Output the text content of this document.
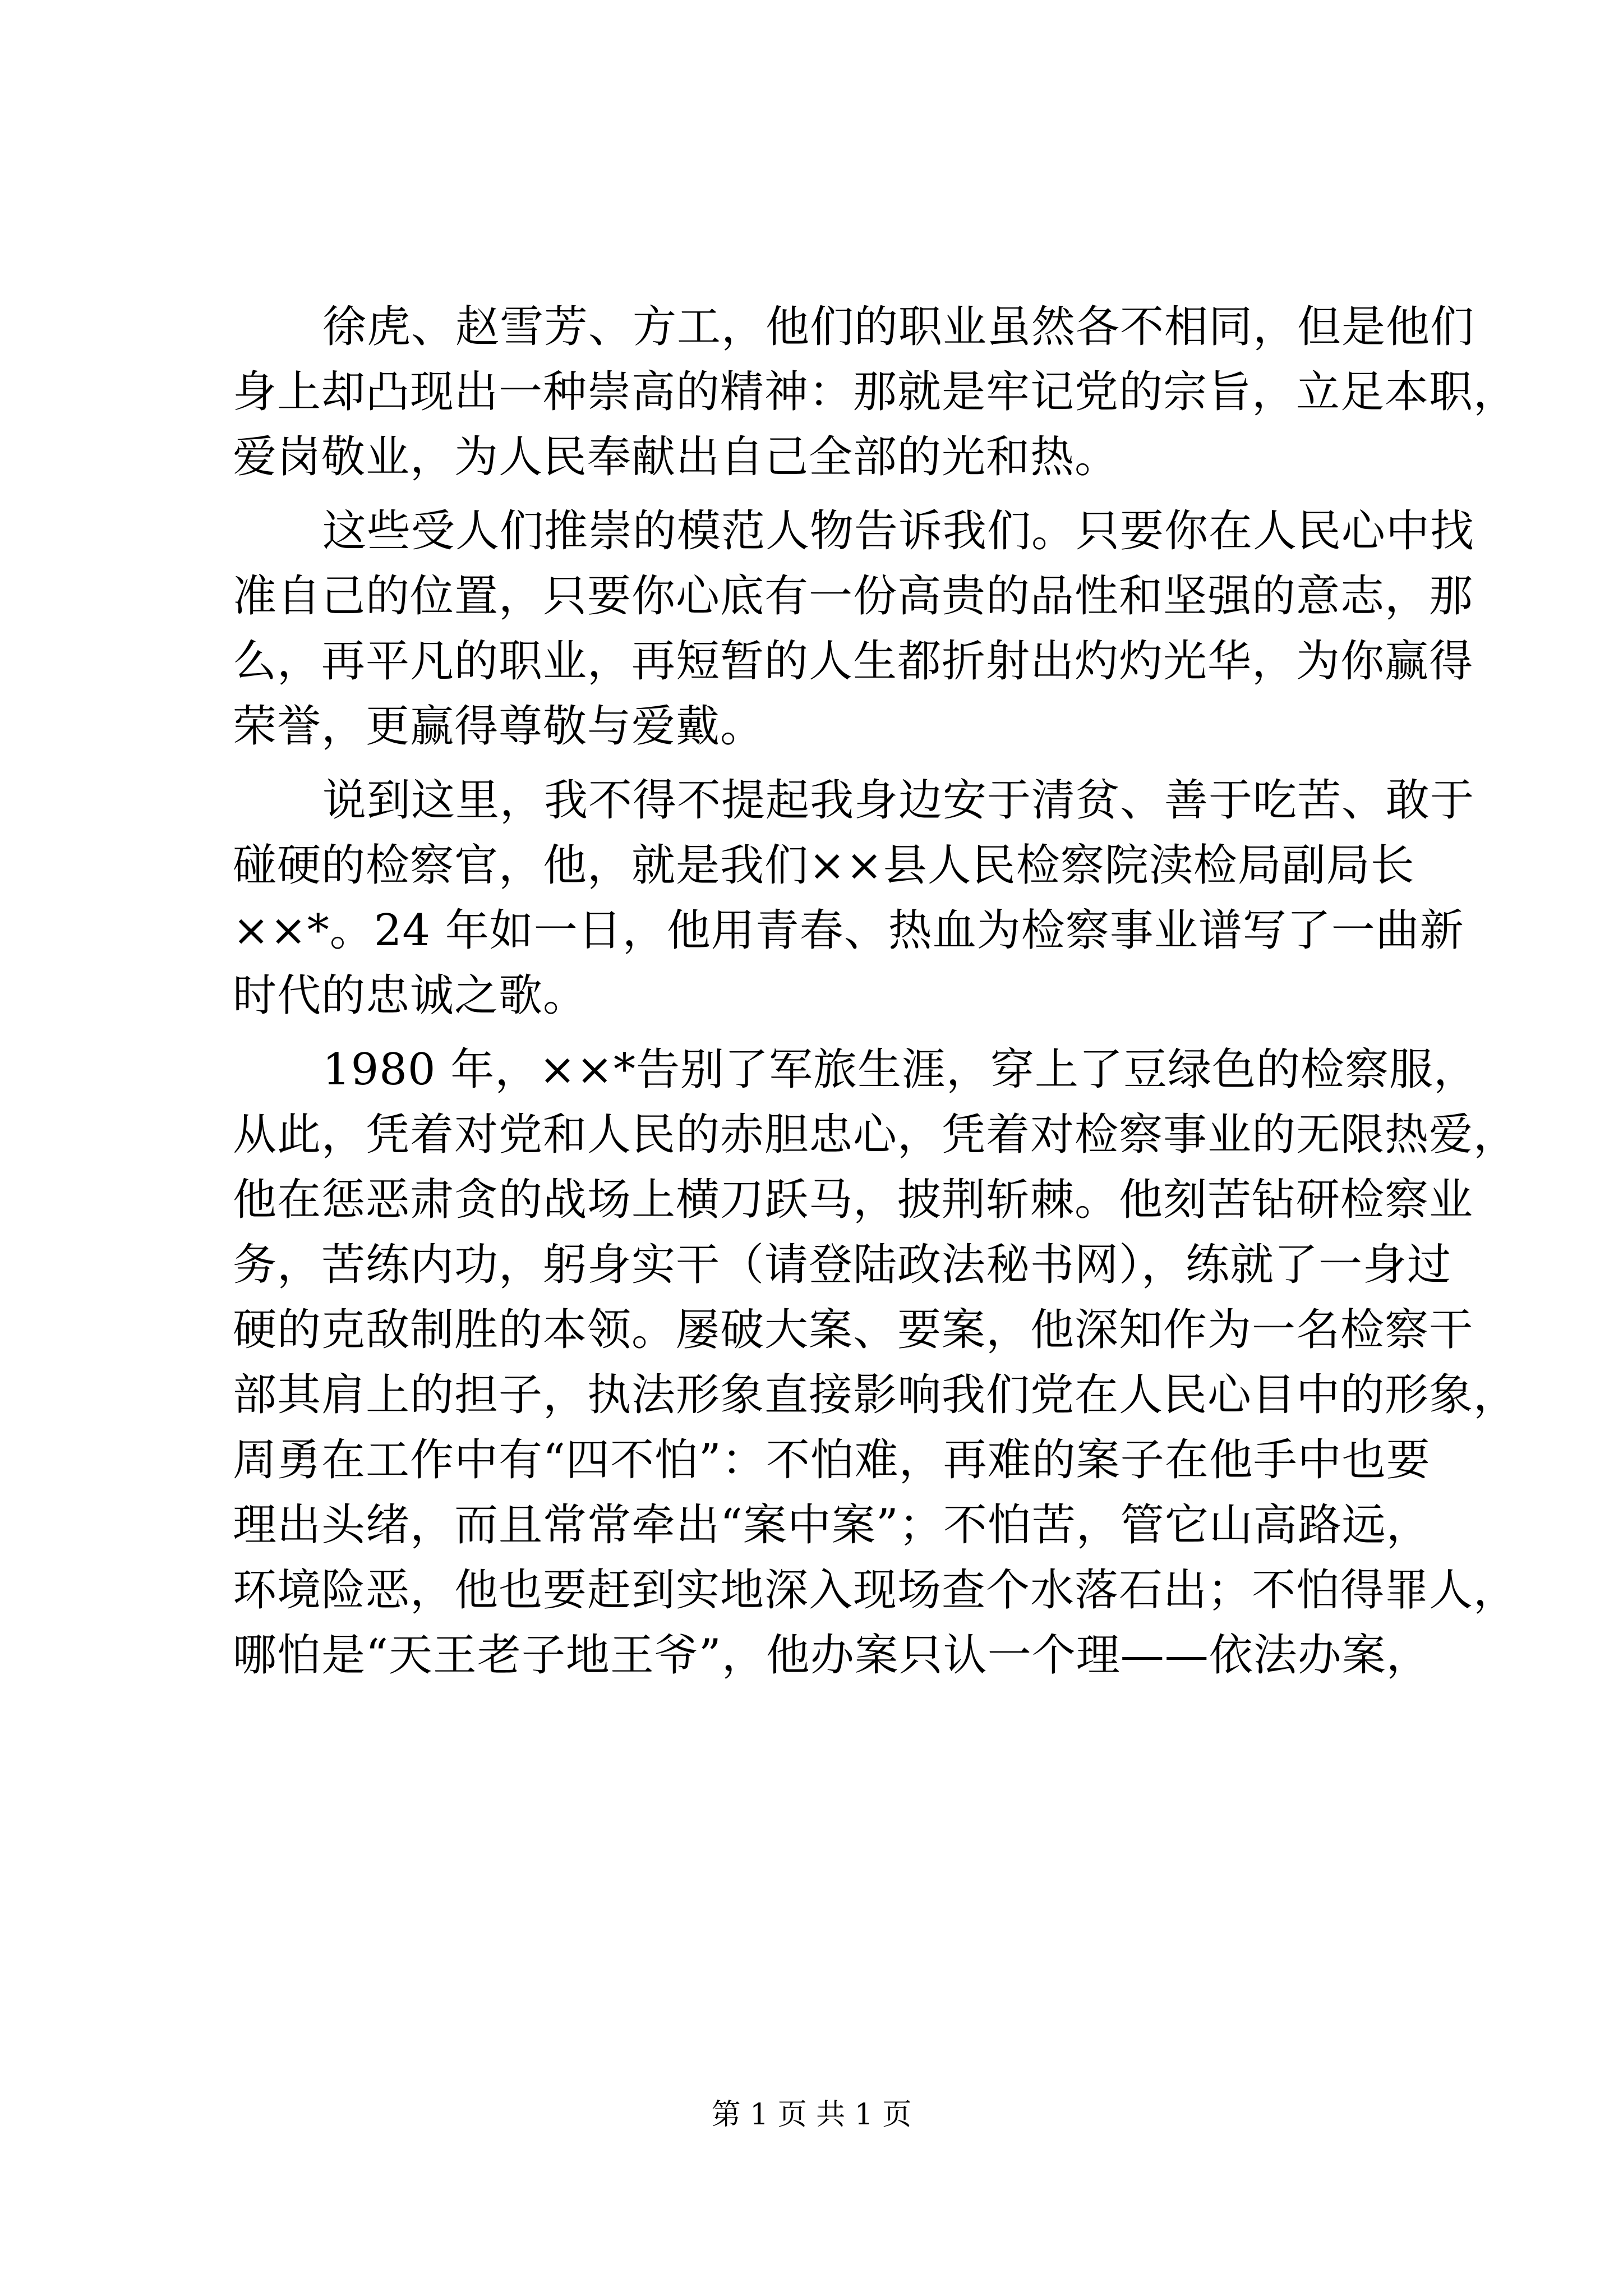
徐虎、赵雪芳、方工，他们的职业虽然各不相同，但是他们
身上却凸现出一种崇高的精神：那就是牢记党的宗旨，立足本职，
爱岗敬业，为人民奉献出自己全部的光和热。
这些受人们推崇的模范人物告诉我们。只要你在人民心中找
准自己的位置，只要你心底有一份高贵的品性和坚强的意志，那
么，再平凡的职业，再短暂的人生都折射出灼灼光华，为你赢得
荣誉，更赢得尊敬与爱戴。
说到这里，我不得不提起我身边安于清贫、善于吃苦、敢于
碰硬的检察官，他，就是我们××县人民检察院渎检局副局长
××*。24 年如一日，他用青春、热血为检察事业谱写了一曲新
时代的忠诚之歌。
1980 年，××*告别了军旅生涯，穿上了豆绿色的检察服，
从此，凭着对党和人民的赤胆忠心，凭着对检察事业的无限热爱，
他在惩恶肃贪的战场上横刀跃马，披荆斩棘。他刻苦钻研检察业
务，苦练内功，躬身实干（请登陆政法秘书网），练就了一身过
硬的克敌制胜的本领。屡破大案、要案，他深知作为一名检察干
部其肩上的担子，执法形象直接影响我们党在人民心目中的形象，
周勇在工作中有“四不怕”：不怕难，再难的案子在他手中也要
理出头绪，而且常常牵出“案中案”；不怕苦，管它山高路远，
环境险恶，他也要赶到实地深入现场查个水落石出；不怕得罪人，
哪怕是“天王老子地王爷”，他办案只认一个理——依法办案，
第 1 页 共 1 页
